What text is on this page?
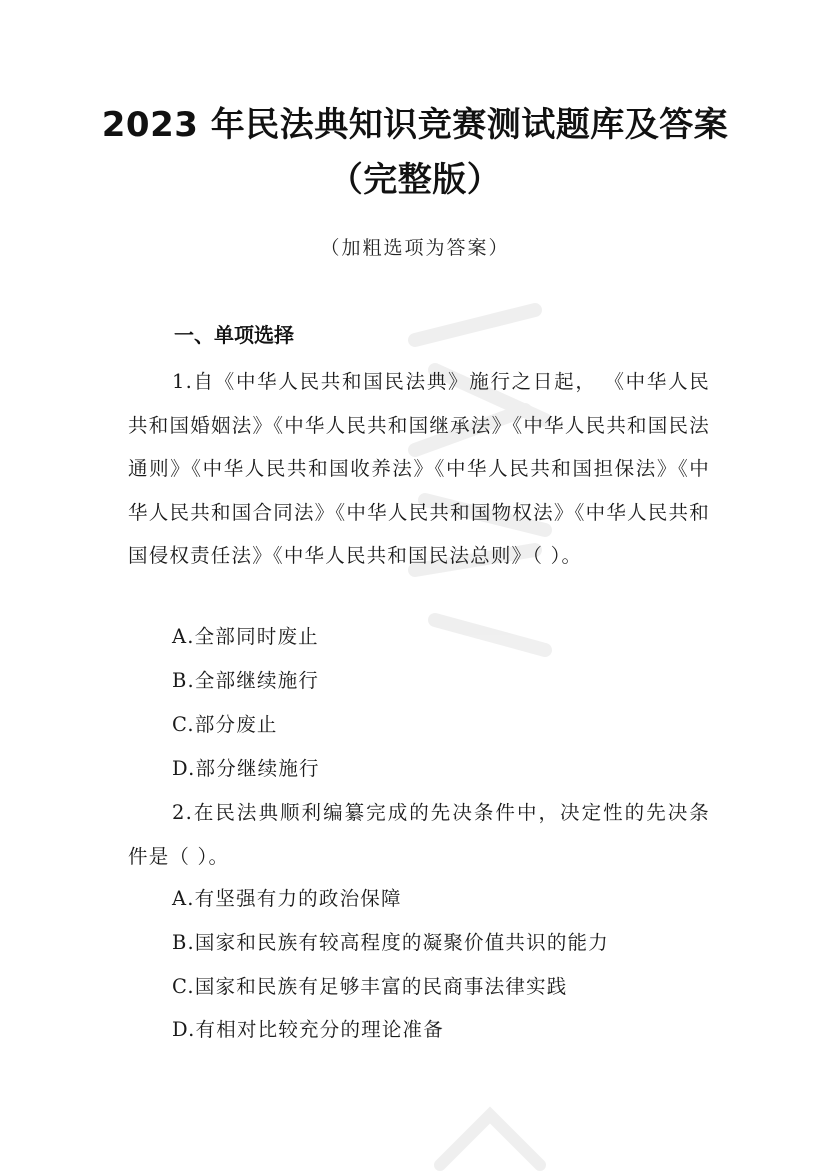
2023 年民法典知识竞赛测试题库及答案
（完整版）
（加粗选项为答案）
一、单项选择

1.自《中华人民共和国民法典》施行之日起， 《中华人民共和国婚姻法》《中华人民共和国继承法》《中华人民共和国民法通则》《中华人民共和国收养法》《中华人民共和国担保法》《中华人民共和国合同法》《中华人民共和国物权法》《中华人民共和国侵权责任法》《中华人民共和国民法总则》（ ）。

A.全部同时废止
B.全部继续施行
C.部分废止
D.部分继续施行

2.在民法典顺利编纂完成的先决条件中，决定性的先决条件是（ ）。

A.有坚强有力的政治保障
B.国家和民族有较高程度的凝聚价值共识的能力
C.国家和民族有足够丰富的民商事法律实践
D.有相对比较充分的理论准备
